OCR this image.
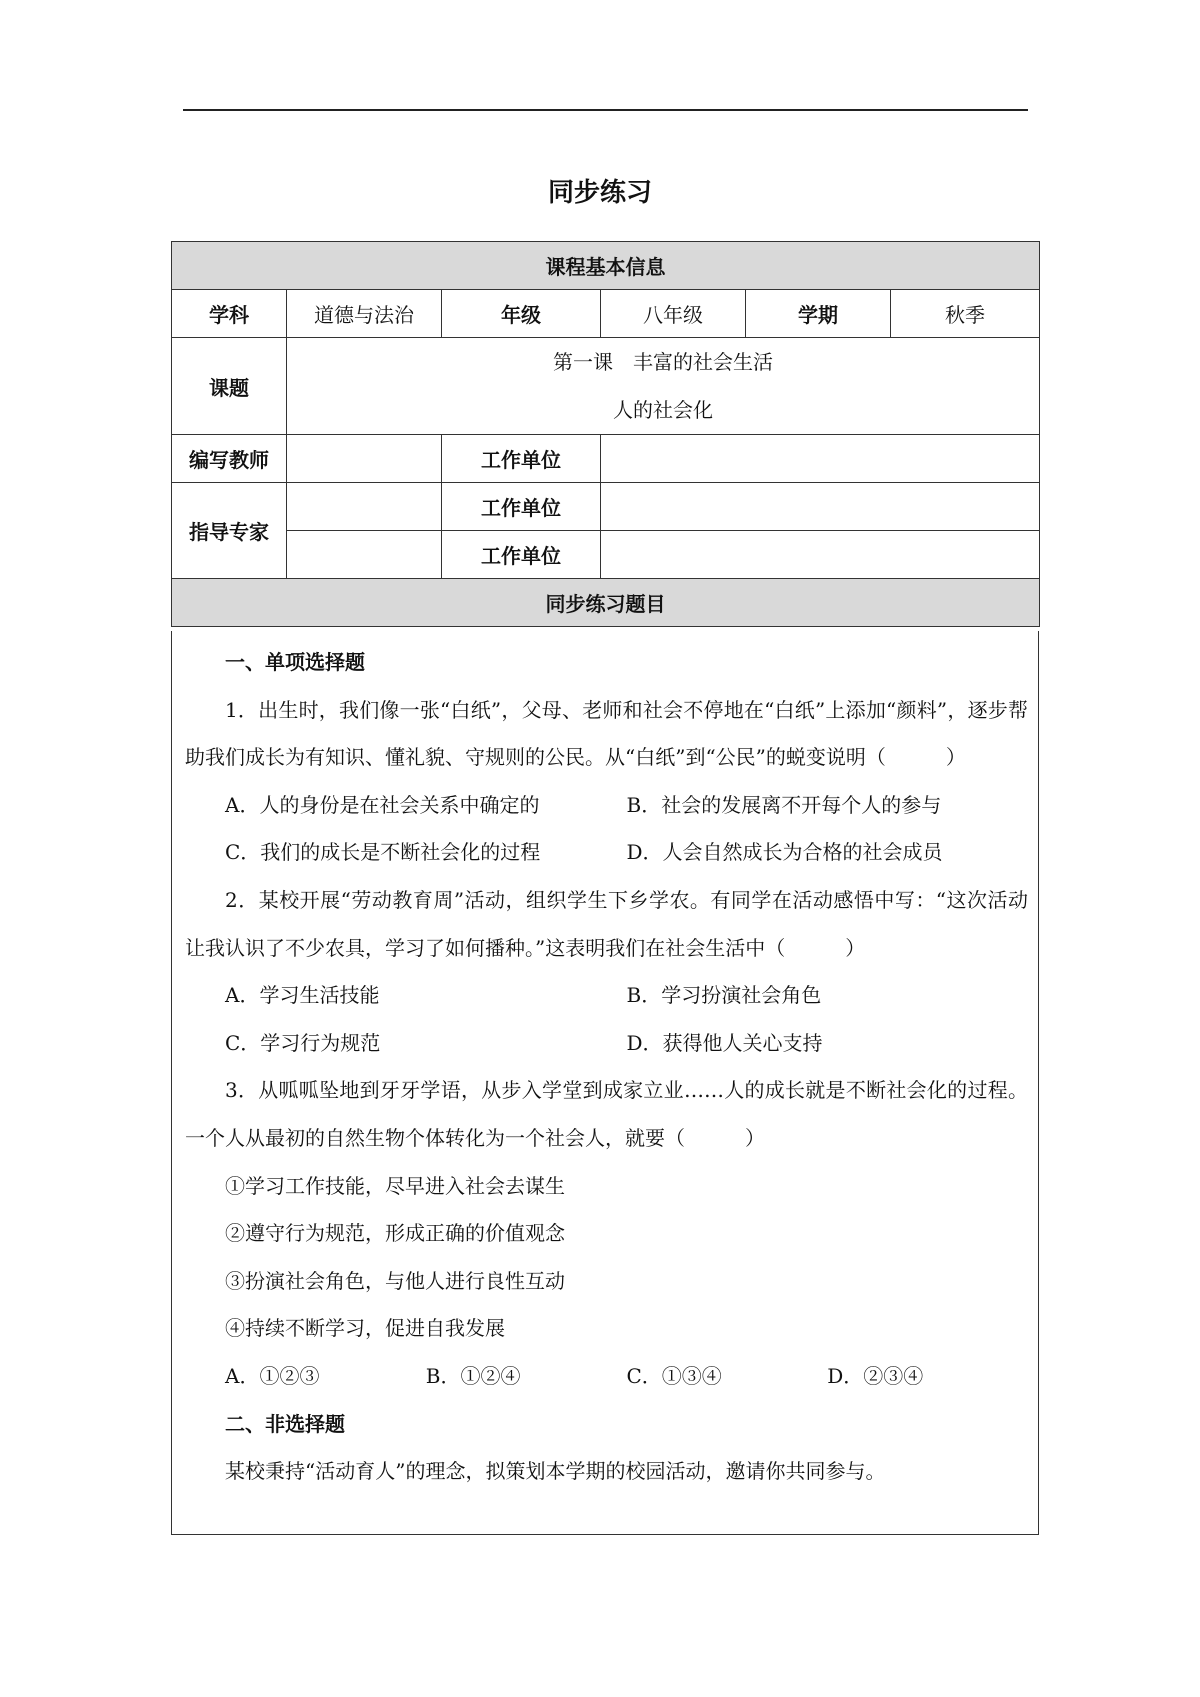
同步练习
课程基本信息					
学科	道德与法治	年级	八年级	学期	秋季
课题	第一课　丰富的社会生活
人的社会化				

编写教师		工作单位			
指导专家		工作单位			
		工作单位			
同步练习题目					

一、单项选择题

1．出生时，我们像一张“白纸”，父母、老师和社会不停地在“白纸”上添加“颜料”，逐步帮助我们成长为有知识、懂礼貌、守规则的公民。从“白纸”到“公民”的蜕变说明（　　　）

A．人的身份是在社会关系中确定的	B．社会的发展离不开每个人的参与
C．我们的成长是不断社会化的过程	D．人会自然成长为合格的社会成员

2．某校开展“劳动教育周”活动，组织学生下乡学农。有同学在活动感悟中写：“这次活动让我认识了不少农具，学习了如何播种。”这表明我们在社会生活中（　　　）

A．学习生活技能	B．学习扮演社会角色
C．学习行为规范	D．获得他人关心支持

3．从呱呱坠地到牙牙学语，从步入学堂到成家立业……人的成长就是不断社会化的过程。一个人从最初的自然生物个体转化为一个社会人，就要（　　　）

①学习工作技能，尽早进入社会去谋生

②遵守行为规范，形成正确的价值观念

③扮演社会角色，与他人进行良性互动

④持续不断学习，促进自我发展

A．①②③	B．①②④	C．①③④	D．②③④

二、非选择题

某校秉持“活动育人”的理念，拟策划本学期的校园活动，邀请你共同参与。
